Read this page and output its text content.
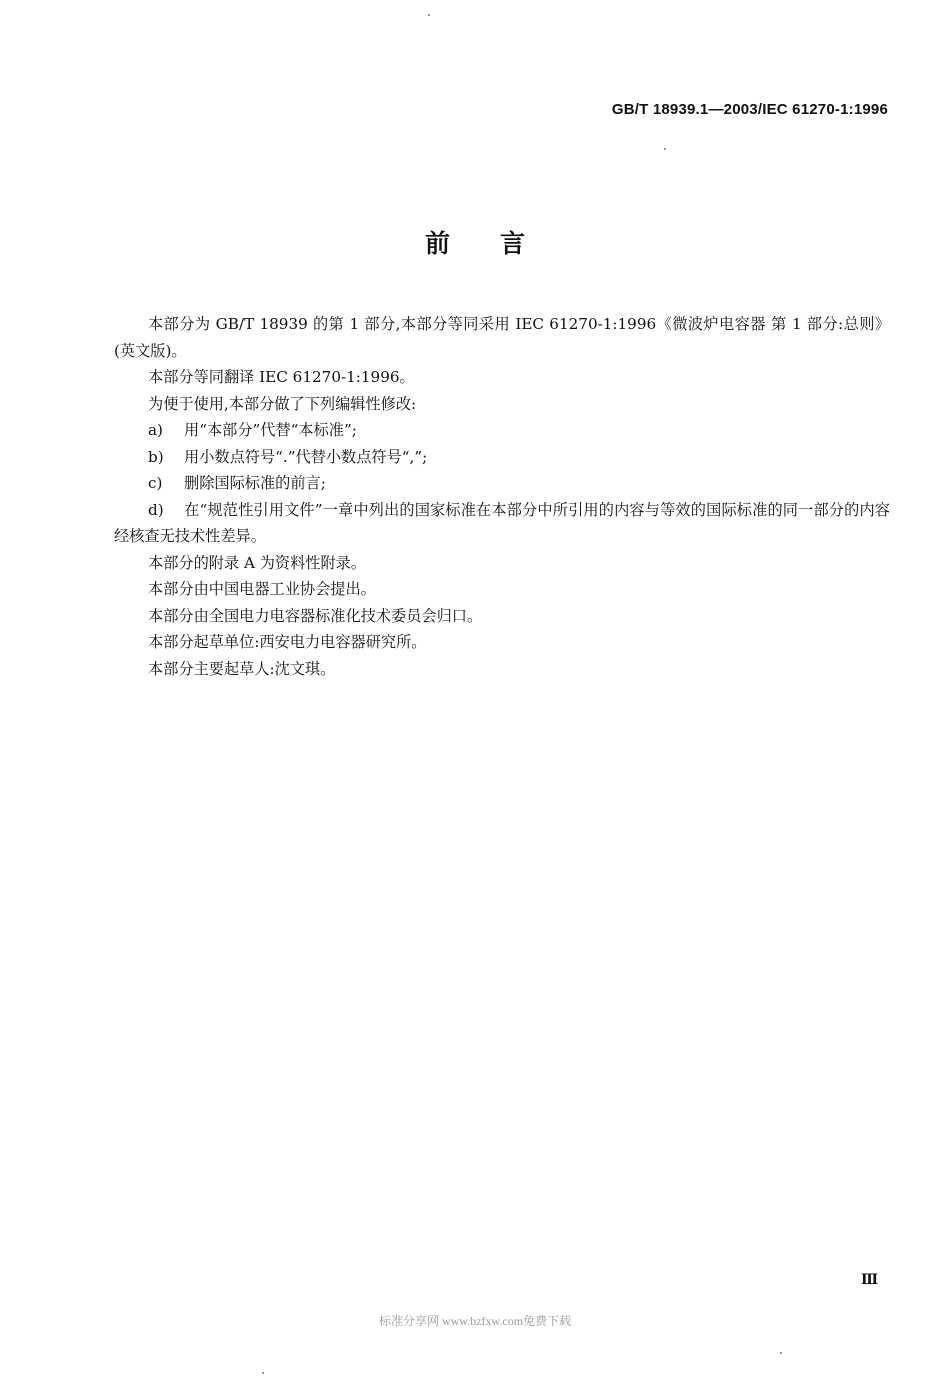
GB/T 18939.1—2003/IEC 61270-1:1996
前言

本部分为 GB/T 18939 的第 1 部分,本部分等同采用 IEC 61270-1:1996《微波炉电容器 第 1 部分:总则》(英文版)。

本部分等同翻译 IEC 61270-1:1996。

为便于使用,本部分做了下列编辑性修改:

a) 用“本部分”代替“本标准”;

b) 用小数点符号“.”代替小数点符号“,”;

c) 删除国际标准的前言;

d) 在“规范性引用文件”一章中列出的国家标准在本部分中所引用的内容与等效的国际标准的同一部分的内容经核查无技术性差异。

本部分的附录 A 为资料性附录。

本部分由中国电器工业协会提出。

本部分由全国电力电容器标准化技术委员会归口。

本部分起草单位:西安电力电容器研究所。

本部分主要起草人:沈文琪。

Ⅲ
标准分享网 www.bzfxw.com免费下载
